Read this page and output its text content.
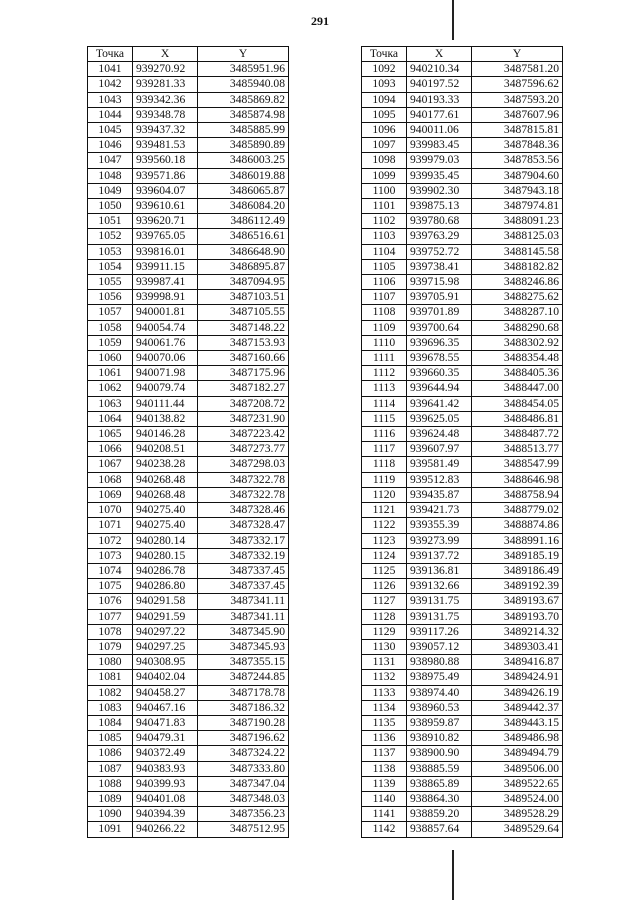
291
Точка	X	Y
1041	939270.92	3485951.96
1042	939281.33	3485940.08
1043	939342.36	3485869.82
1044	939348.78	3485874.98
1045	939437.32	3485885.99
1046	939481.53	3485890.89
1047	939560.18	3486003.25
1048	939571.86	3486019.88
1049	939604.07	3486065.87
1050	939610.61	3486084.20
1051	939620.71	3486112.49
1052	939765.05	3486516.61
1053	939816.01	3486648.90
1054	939911.15	3486895.87
1055	939987.41	3487094.95
1056	939998.91	3487103.51
1057	940001.81	3487105.55
1058	940054.74	3487148.22
1059	940061.76	3487153.93
1060	940070.06	3487160.66
1061	940071.98	3487175.96
1062	940079.74	3487182.27
1063	940111.44	3487208.72
1064	940138.82	3487231.90
1065	940146.28	3487223.42
1066	940208.51	3487273.77
1067	940238.28	3487298.03
1068	940268.48	3487322.78
1069	940268.48	3487322.78
1070	940275.40	3487328.46
1071	940275.40	3487328.47
1072	940280.14	3487332.17
1073	940280.15	3487332.19
1074	940286.78	3487337.45
1075	940286.80	3487337.45
1076	940291.58	3487341.11
1077	940291.59	3487341.11
1078	940297.22	3487345.90
1079	940297.25	3487345.93
1080	940308.95	3487355.15
1081	940402.04	3487244.85
1082	940458.27	3487178.78
1083	940467.16	3487186.32
1084	940471.83	3487190.28
1085	940479.31	3487196.62
1086	940372.49	3487324.22
1087	940383.93	3487333.80
1088	940399.93	3487347.04
1089	940401.08	3487348.03
1090	940394.39	3487356.23
1091	940266.22	3487512.95
Точка	X	Y
1092	940210.34	3487581.20
1093	940197.52	3487596.62
1094	940193.33	3487593.20
1095	940177.61	3487607.96
1096	940011.06	3487815.81
1097	939983.45	3487848.36
1098	939979.03	3487853.56
1099	939935.45	3487904.60
1100	939902.30	3487943.18
1101	939875.13	3487974.81
1102	939780.68	3488091.23
1103	939763.29	3488125.03
1104	939752.72	3488145.58
1105	939738.41	3488182.82
1106	939715.98	3488246.86
1107	939705.91	3488275.62
1108	939701.89	3488287.10
1109	939700.64	3488290.68
1110	939696.35	3488302.92
1111	939678.55	3488354.48
1112	939660.35	3488405.36
1113	939644.94	3488447.00
1114	939641.42	3488454.05
1115	939625.05	3488486.81
1116	939624.48	3488487.72
1117	939607.97	3488513.77
1118	939581.49	3488547.99
1119	939512.83	3488646.98
1120	939435.87	3488758.94
1121	939421.73	3488779.02
1122	939355.39	3488874.86
1123	939273.99	3488991.16
1124	939137.72	3489185.19
1125	939136.81	3489186.49
1126	939132.66	3489192.39
1127	939131.75	3489193.67
1128	939131.75	3489193.70
1129	939117.26	3489214.32
1130	939057.12	3489303.41
1131	938980.88	3489416.87
1132	938975.49	3489424.91
1133	938974.40	3489426.19
1134	938960.53	3489442.37
1135	938959.87	3489443.15
1136	938910.82	3489486.98
1137	938900.90	3489494.79
1138	938885.59	3489506.00
1139	938865.89	3489522.65
1140	938864.30	3489524.00
1141	938859.20	3489528.29
1142	938857.64	3489529.64
